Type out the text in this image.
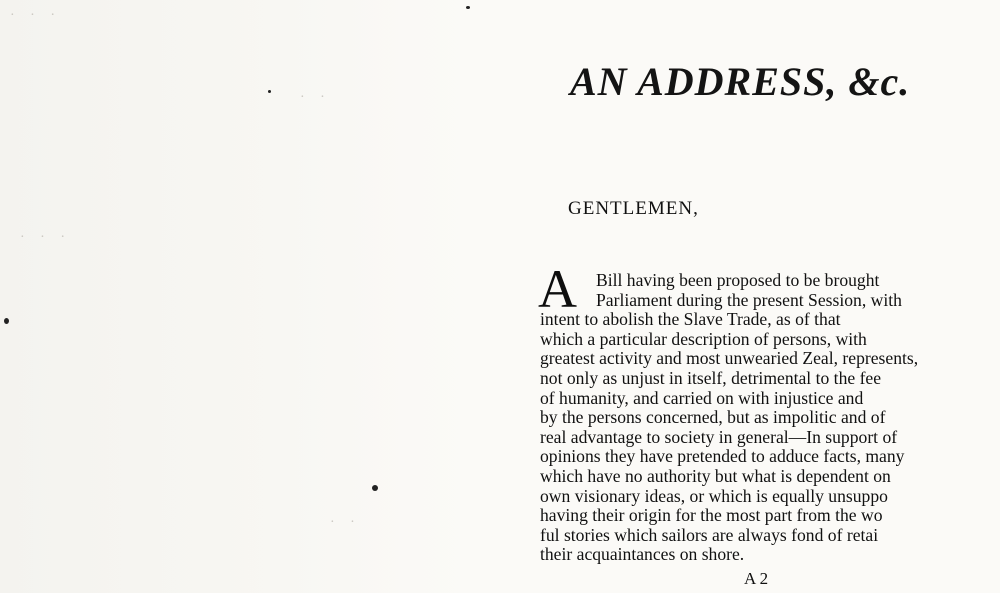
· · ·
· ·
· · ·
· ·
AN ADDRESS, &c.
GENTLEMEN,
A	Bill having been proposed to be brought
Parliament during the present Session, with
intent to abolish the Slave Trade, as of that
which a particular description of persons, with
greatest activity and most unwearied Zeal, represents,
not only as unjust in itself, detrimental to the fee
of humanity, and carried on with injustice and
by the persons concerned, but as impolitic and of
real advantage to society in general—In support of
opinions they have pretended to adduce facts, many
which have no authority but what is dependent on
own visionary ideas, or which is equally unsuppo
having their origin for the most part from the wo
ful stories which sailors are always fond of retai
their acquaintances on shore.
A 2
